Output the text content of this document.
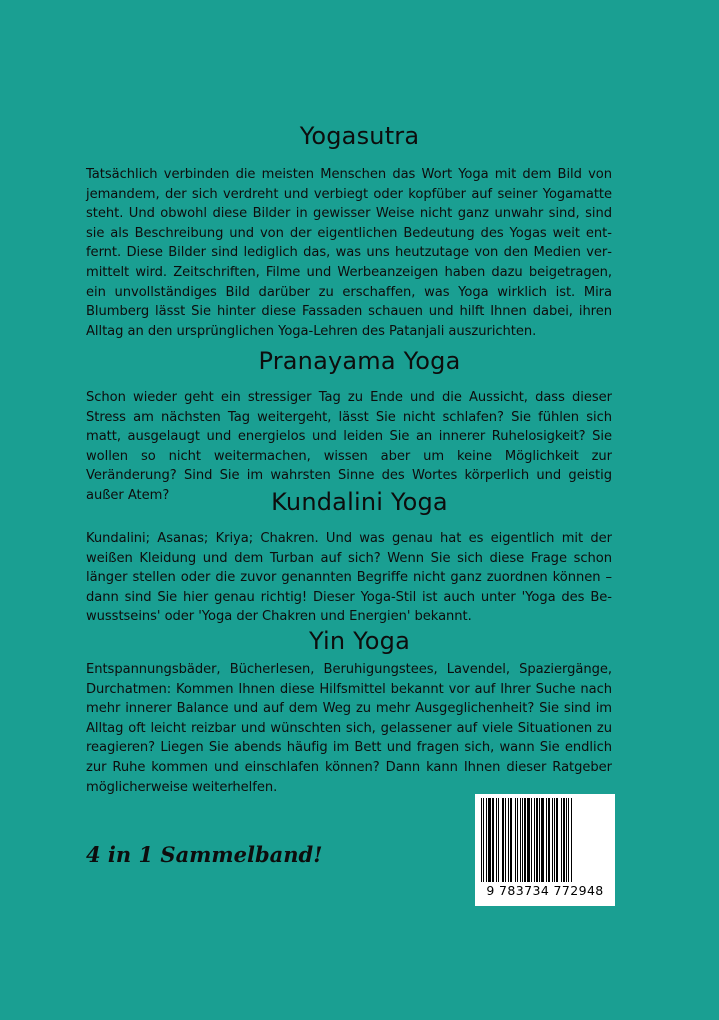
Yogasutra

Tatsächlich verbinden die meisten Menschen das Wort Yoga mit dem Bild von jemandem, der sich verdreht und verbiegt oder kopfüber auf seiner Yogamatte steht. Und obwohl diese Bilder in gewisser Weise nicht ganz unwahr sind, sind sie als Beschreibung und von der eigentlichen Bedeutung des Yogas weit entfernt. Diese Bilder sind lediglich das, was uns heutzutage von den Medien vermittelt wird. Zeitschriften, Filme und Werbeanzeigen haben dazu beigetragen, ein unvollständiges Bild darüber zu erschaffen, was Yoga wirklich ist. Mira Blumberg lässt Sie hinter diese Fassaden schauen und hilft Ihnen dabei, ihren Alltag an den ursprünglichen Yoga-Lehren des Patanjali auszurichten.

Pranayama Yoga

Schon wieder geht ein stressiger Tag zu Ende und die Aussicht, dass dieser Stress am nächsten Tag weitergeht, lässt Sie nicht schlafen? Sie fühlen sich matt, ausgelaugt und energielos und leiden Sie an innerer Ruhelosigkeit? Sie wollen so nicht weitermachen, wissen aber um keine Möglichkeit zur Veränderung? Sind Sie im wahrsten Sinne des Wortes körperlich und geistig außer Atem?	Kundalini Yoga

Kundalini; Asanas; Kriya; Chakren. Und was genau hat es eigentlich mit der weißen Kleidung und dem Turban auf sich? Wenn Sie sich diese Frage schon länger stellen oder die zuvor genannten Begriffe nicht ganz zuordnen können – dann sind Sie hier genau richtig! Dieser Yoga-Stil ist auch unter 'Yoga des Bewusstseins' oder 'Yoga der Chakren und Energien' bekannt.

Yin Yoga

Entspannungsbäder, Bücherlesen, Beruhigungstees, Lavendel, Spaziergänge, Durchatmen: Kommen Ihnen diese Hilfsmittel bekannt vor auf Ihrer Suche nach mehr innerer Balance und auf dem Weg zu mehr Ausgeglichenheit? Sie sind im Alltag oft leicht reizbar und wünschten sich, gelassener auf viele Situationen zu reagieren? Liegen Sie abends häufig im Bett und fragen sich, wann Sie endlich zur Ruhe kommen und einschlafen können? Dann kann Ihnen dieser Ratgeber möglicherweise weiterhelfen.

4 in 1 Sammelband!

9 783734 772948
